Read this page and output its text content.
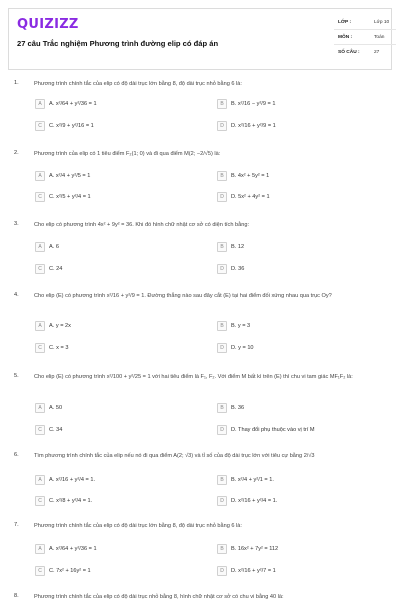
QUIZIZZ
27 câu Trắc nghiệm Phương trình đường elip có đáp án
LỚP :	Lớp 10
MÔN :	Toán
SỐ CÂU :	27
1.	Phương trình chính tắc của elip có độ dài trục lớn bằng 8, độ dài trục nhỏ bằng 6 là:
A	A. x²/64 + y²/36 = 1	B	B. x²/16 − y²/9 = 1
C	C. x²/9 + y²/16 = 1	D	D. x²/16 + y²/9 = 1
2.	Phương trình của elip có 1 tiêu điểm F₂(1; 0) và đi qua điểm M(2; −2/√5) là:
A	A. x²/4 + y²/5 = 1	B	B. 4x² + 5y² = 1
C	C. x²/5 + y²/4 = 1	D	D. 5x² + 4y² = 1
3.	Cho elip có phương trình 4x² + 9y² = 36. Khi đó hình chữ nhật cơ sở có diện tích bằng:
A	A. 6	B	B. 12
C	C. 24	D	D. 36
4.	Cho elip (E) có phương trình x²/16 + y²/9 = 1. Đường thẳng nào sau đây cắt (E) tại hai điểm đối xứng nhau qua trục Oy?
A	A. y = 2x	B	B. y = 3
C	C. x = 3	D	D. y = 10
5.	Cho elip (E) có phương trình x²/100 + y²/25 = 1 với hai tiêu điểm là F₁, F₂. Với điểm M bất kì trên (E) thì chu vi tam giác MF₁F₂ là:
A	A. 50	B	B. 36
C	C. 34	D	D. Thay đổi phụ thuộc vào vị trí M
6.	Tìm phương trình chính tắc của elip nếu nó đi qua điểm A(2; √3) và tỉ số của độ dài trục lớn với tiêu cự bằng 2/√3
A	A. x²/16 + y²/4 = 1.	B	B. x²/4 + y²/1 = 1.
C	C. x²/8 + y²/4 = 1.	D	D. x²/16 + y²/4 = 1.
7.	Phương trình chính tắc của elip có độ dài trục lớn bằng 8, độ dài trục nhỏ bằng 6 là:
A	A. x²/64 + y²/36 = 1	B	B. 16x² + 7y² = 112
C	C. 7x² + 16y² = 1	D	D. x²/16 + y²/7 = 1
8.	Phương trình chính tắc của elip có độ dài trục nhỏ bằng 8, hình chữ nhật cơ sở có chu vi bằng 40 là:
